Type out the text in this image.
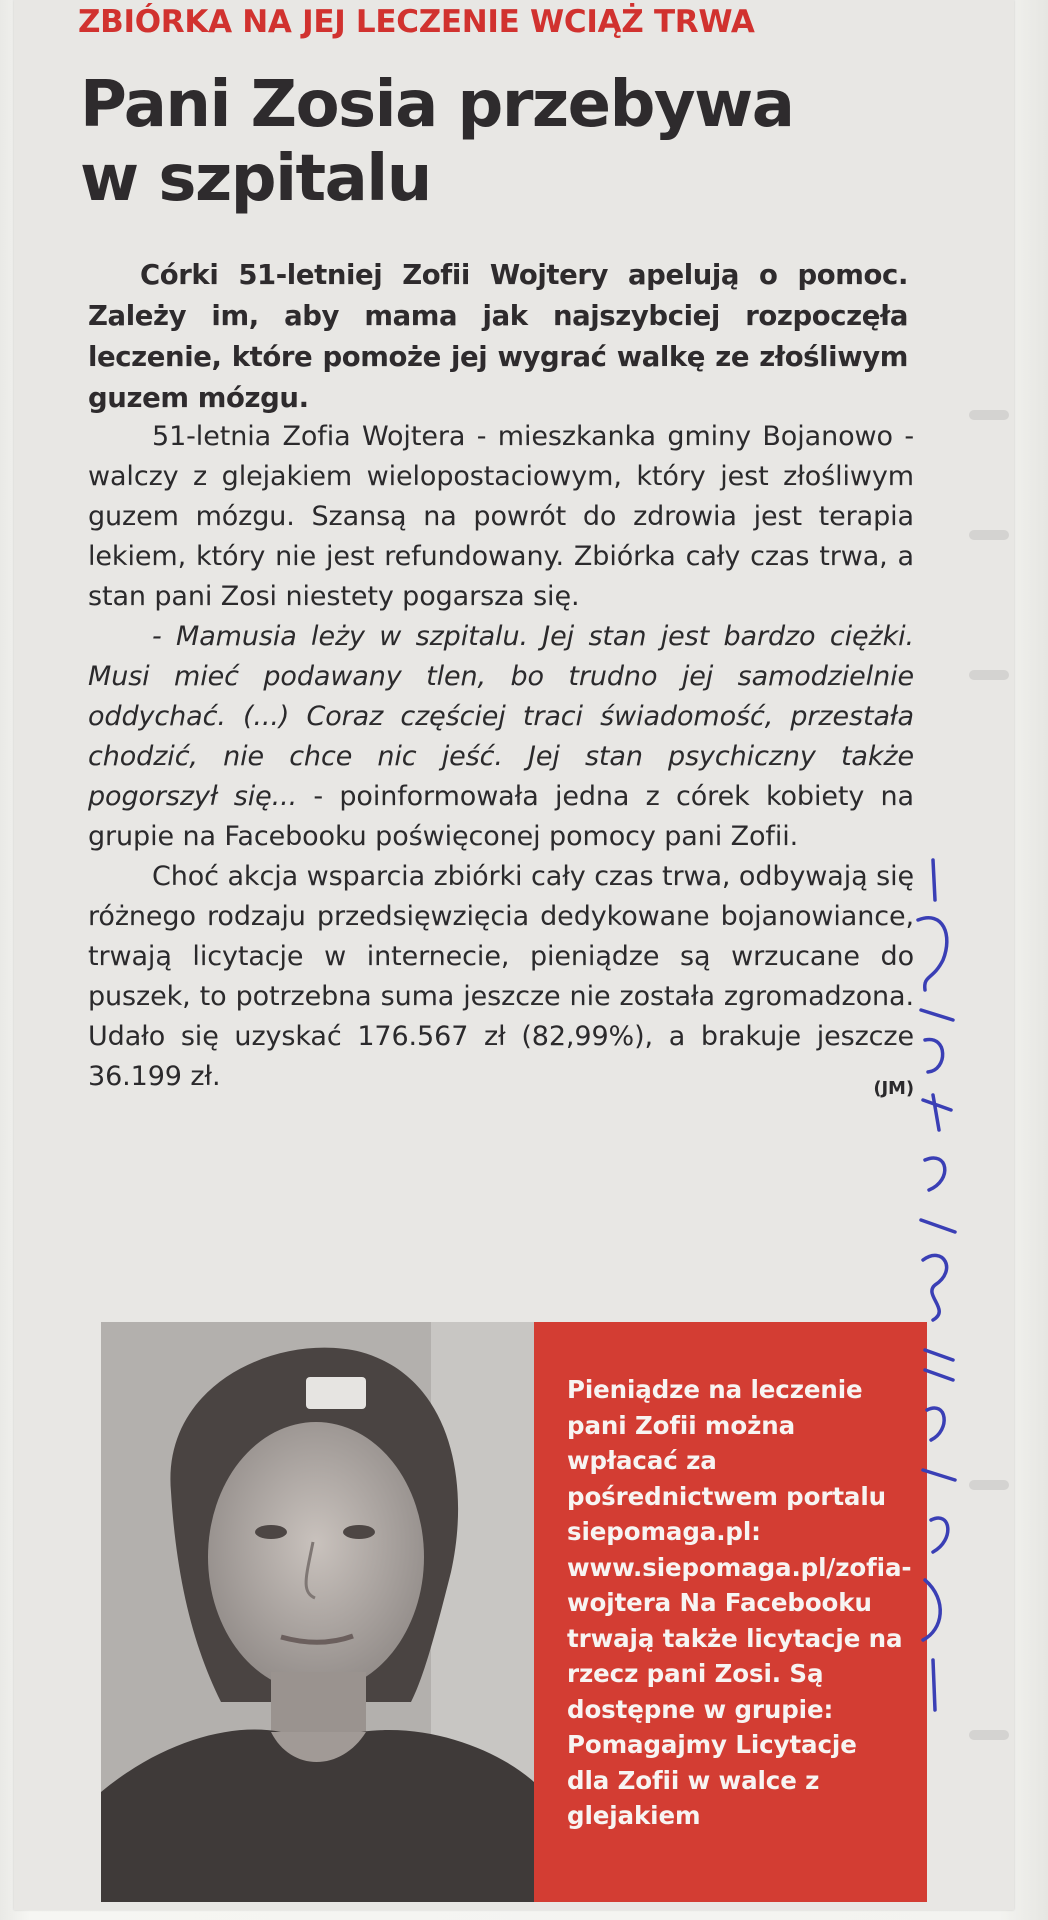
ZBIÓRKA NA JEJ LECZENIE WCIĄŻ TRWA
Pani Zosia przebywa
w szpitalu
Córki 51-letniej Zofii Wojtery apelują o pomoc. Zależy im, aby mama jak najszybciej rozpoczęła leczenie, które pomoże jej wygrać walkę ze złośliwym guzem mózgu.

51-letnia Zofia Wojtera - mieszkanka gminy Bojanowo - walczy z glejakiem wielopostaciowym, który jest złośliwym guzem mózgu. Szansą na powrót do zdrowia jest terapia lekiem, który nie jest refundowany. Zbiórka cały czas trwa, a stan pani Zosi niestety pogarsza się.

- Mamusia leży w szpitalu. Jej stan jest bardzo ciężki. Musi mieć podawany tlen, bo trudno jej samodzielnie oddychać. (...) Coraz częściej traci świadomość, przestała chodzić, nie chce nic jeść. Jej stan psychiczny także pogorszył się... - poinformowała jedna z córek kobiety na grupie na Facebooku poświęconej pomocy pani Zofii.

Choć akcja wsparcia zbiórki cały czas trwa, odbywają się różnego rodzaju przedsięwzięcia dedykowane bojanowiance, trwają licytacje w internecie, pieniądze są wrzucane do puszek, to potrzebna suma jeszcze nie została zgromadzona. Udało się uzyskać 176.567 zł (82,99%), a brakuje jeszcze 36.199 zł.	(JM)

Pieniądze na leczenie pani Zofii można wpłacać za pośrednictwem portalu siepomaga.pl: www.siepomaga.pl/zofia-wojtera Na Facebooku trwają także licytacje na rzecz pani Zosi. Są dostępne w grupie: Pomagajmy Licytacje dla Zofii w walce z glejakiem
